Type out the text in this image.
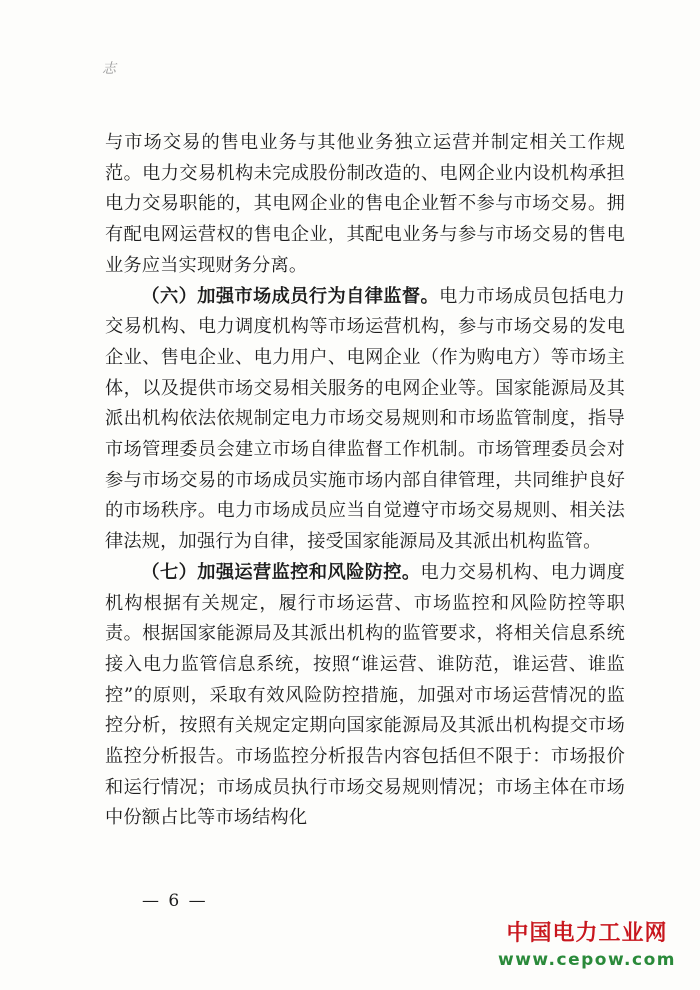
志

与市场交易的售电业务与其他业务独立运营并制定相关工作规范。电力交易机构未完成股份制改造的、电网企业内设机构承担电力交易职能的，其电网企业的售电企业暂不参与市场交易。拥有配电网运营权的售电企业，其配电业务与参与市场交易的售电业务应当实现财务分离。

（六）加强市场成员行为自律监督。电力市场成员包括电力交易机构、电力调度机构等市场运营机构，参与市场交易的发电企业、售电企业、电力用户、电网企业（作为购电方）等市场主体，以及提供市场交易相关服务的电网企业等。国家能源局及其派出机构依法依规制定电力市场交易规则和市场监管制度，指导市场管理委员会建立市场自律监督工作机制。市场管理委员会对参与市场交易的市场成员实施市场内部自律管理，共同维护良好的市场秩序。电力市场成员应当自觉遵守市场交易规则、相关法律法规，加强行为自律，接受国家能源局及其派出机构监管。

（七）加强运营监控和风险防控。电力交易机构、电力调度机构根据有关规定，履行市场运营、市场监控和风险防控等职责。根据国家能源局及其派出机构的监管要求，将相关信息系统接入电力监管信息系统，按照“谁运营、谁防范，谁运营、谁监控”的原则，采取有效风险防控措施，加强对市场运营情况的监控分析，按照有关规定定期向国家能源局及其派出机构提交市场监控分析报告。市场监控分析报告内容包括但不限于：市场报价和运行情况；市场成员执行市场交易规则情况；市场主体在市场中份额占比等市场结构化

— 6 —
中国电力工业网
www.cepow.com
